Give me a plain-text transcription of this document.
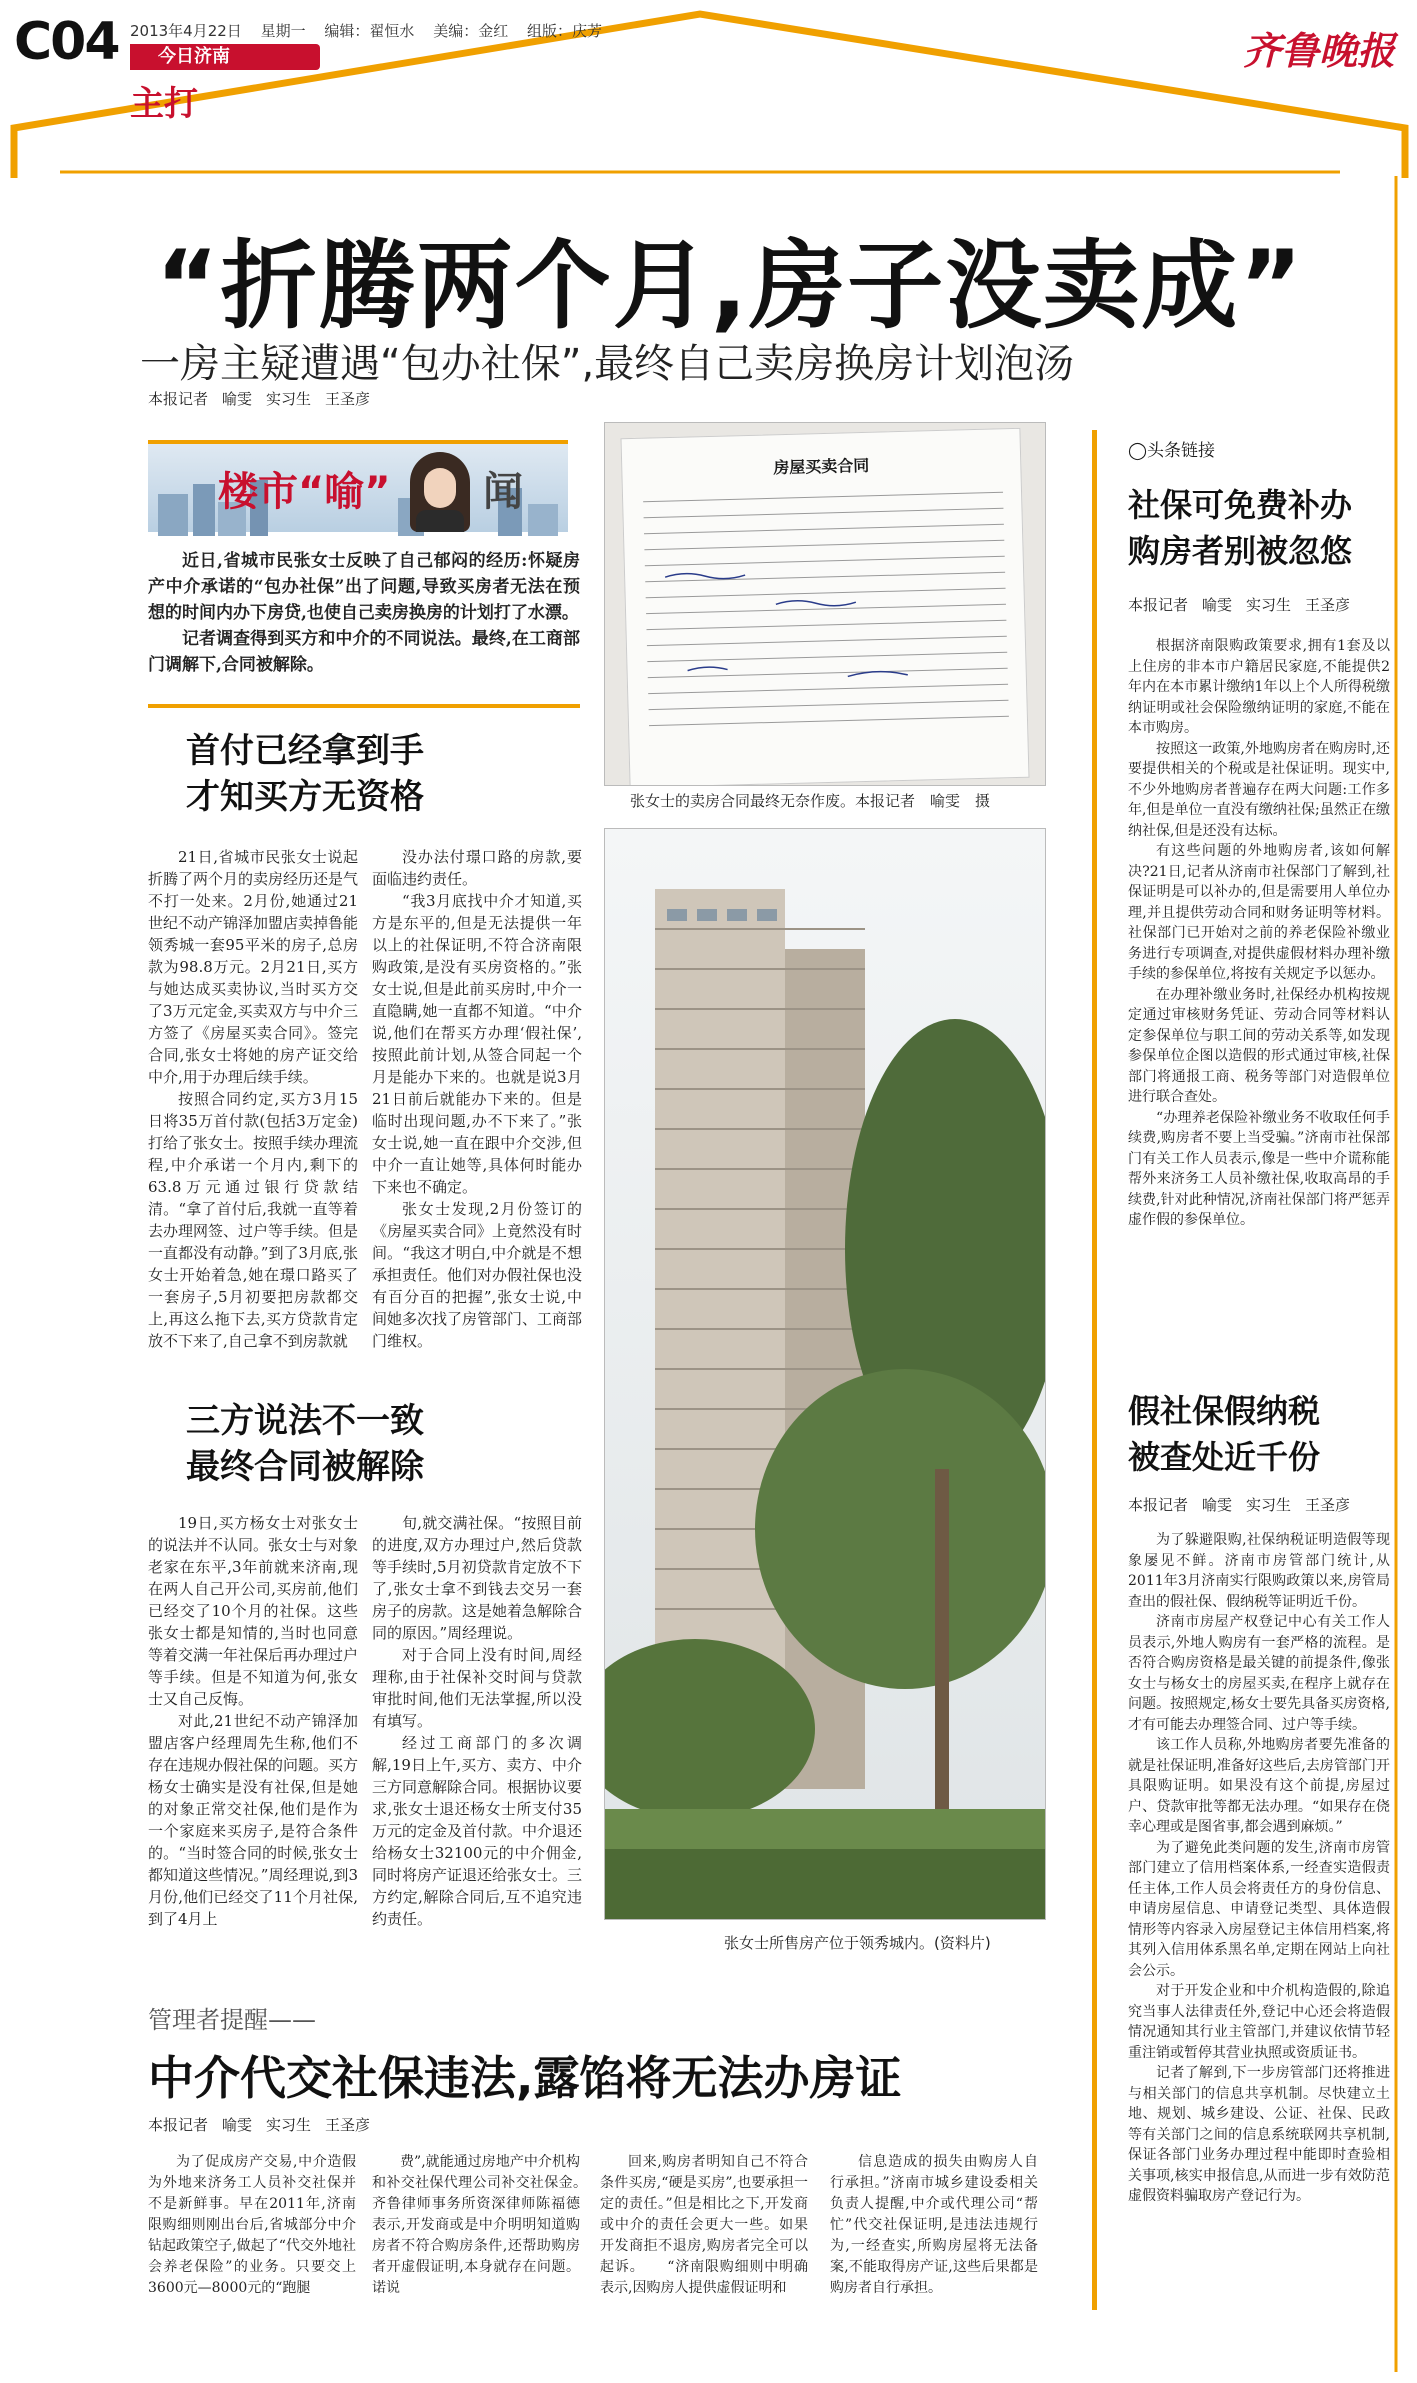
C04 2013年4月22日 星期一 编辑：翟恒水 美编：金红 组版：庆芳
今日济南
主打
齐鲁晚报
“折腾两个月,房子没卖成”
一房主疑遭遇“包办社保”,最终自己卖房换房计划泡汤
本报记者 喻雯 实习生 王圣彦
楼市“喻” 闻

近日,省城市民张女士反映了自己郁闷的经历:怀疑房产中介承诺的“包办社保”出了问题,导致买房者无法在预想的时间内办下房贷,也使自己卖房换房的计划打了水漂。

记者调查得到买方和中介的不同说法。最终,在工商部门调解下,合同被解除。

首付已经拿到手
才知买方无资格

21日,省城市民张女士说起折腾了两个月的卖房经历还是气不打一处来。2月份,她通过21世纪不动产锦泽加盟店卖掉鲁能领秀城一套95平米的房子,总房款为98.8万元。2月21日,买方与她达成买卖协议,当时买方交了3万元定金,买卖双方与中介三方签了《房屋买卖合同》。签完合同,张女士将她的房产证交给中介,用于办理后续手续。

按照合同约定,买方3月15日将35万首付款(包括3万定金)打给了张女士。按照手续办理流程,中介承诺一个月内,剩下的63.8万元通过银行贷款结清。“拿了首付后,我就一直等着去办理网签、过户等手续。但是一直都没有动静。”到了3月底,张女士开始着急,她在璟口路买了一套房子,5月初要把房款都交上,再这么拖下去,买方贷款肯定放不下来了,自己拿不到房款就

没办法付璟口路的房款,要面临违约责任。

“我3月底找中介才知道,买方是东平的,但是无法提供一年以上的社保证明,不符合济南限购政策,是没有买房资格的。”张女士说,但是此前买房时,中介一直隐瞒,她一直都不知道。“中介说,他们在帮买方办理‘假社保’,按照此前计划,从签合同起一个月是能办下来的。也就是说3月21日前后就能办下来的。但是临时出现问题,办不下来了。”张女士说,她一直在跟中介交涉,但中介一直让她等,具体何时能办下来也不确定。

张女士发现,2月份签订的《房屋买卖合同》上竟然没有时间。“我这才明白,中介就是不想承担责任。他们对办假社保也没有百分百的把握”,张女士说,中间她多次找了房管部门、工商部门维权。

三方说法不一致
最终合同被解除

19日,买方杨女士对张女士的说法并不认同。张女士与对象老家在东平,3年前就来济南,现在两人自己开公司,买房前,他们已经交了10个月的社保。这些张女士都是知情的,当时也同意等着交满一年社保后再办理过户等手续。但是不知道为何,张女士又自己反悔。

对此,21世纪不动产锦泽加盟店客户经理周先生称,他们不存在违规办假社保的问题。买方杨女士确实是没有社保,但是她的对象正常交社保,他们是作为一个家庭来买房子,是符合条件的。“当时签合同的时候,张女士都知道这些情况。”周经理说,到3月份,他们已经交了11个月社保,到了4月上

旬,就交满社保。“按照目前的进度,双方办理过户,然后贷款等手续时,5月初贷款肯定放不下了,张女士拿不到钱去交另一套房子的房款。这是她着急解除合同的原因。”周经理说。

对于合同上没有时间,周经理称,由于社保补交时间与贷款审批时间,他们无法掌握,所以没有填写。

经过工商部门的多次调解,19日上午,买方、卖方、中介三方同意解除合同。根据协议要求,张女士退还杨女士所支付35万元的定金及首付款。中介退还给杨女士32100元的中介佣金,同时将房产证退还给张女士。三方约定,解除合同后,互不追究违约责任。

房屋买卖合同
张女士的卖房合同最终无奈作废。本报记者　喻雯　摄
张女士所售房产位于领秀城内。(资料片)
◯头条链接
社保可免费补办
购房者别被忽悠
本报记者 喻雯 实习生 王圣彦

根据济南限购政策要求,拥有1套及以上住房的非本市户籍居民家庭,不能提供2年内在本市累计缴纳1年以上个人所得税缴纳证明或社会保险缴纳证明的家庭,不能在本市购房。

按照这一政策,外地购房者在购房时,还要提供相关的个税或是社保证明。现实中,不少外地购房者普遍存在两大问题:工作多年,但是单位一直没有缴纳社保;虽然正在缴纳社保,但是还没有达标。

有这些问题的外地购房者,该如何解决?21日,记者从济南市社保部门了解到,社保证明是可以补办的,但是需要用人单位办理,并且提供劳动合同和财务证明等材料。社保部门已开始对之前的养老保险补缴业务进行专项调查,对提供虚假材料办理补缴手续的参保单位,将按有关规定予以惩办。

在办理补缴业务时,社保经办机构按规定通过审核财务凭证、劳动合同等材料认定参保单位与职工间的劳动关系等,如发现参保单位企图以造假的形式通过审核,社保部门将通报工商、税务等部门对造假单位进行联合查处。

“办理养老保险补缴业务不收取任何手续费,购房者不要上当受骗。”济南市社保部门有关工作人员表示,像是一些中介谎称能帮外来济务工人员补缴社保,收取高昂的手续费,针对此种情况,济南社保部门将严惩弄虚作假的参保单位。

假社保假纳税
被查处近千份
本报记者 喻雯 实习生 王圣彦

为了躲避限购,社保纳税证明造假等现象屡见不鲜。济南市房管部门统计,从2011年3月济南实行限购政策以来,房管局查出的假社保、假纳税等证明近千份。

济南市房屋产权登记中心有关工作人员表示,外地人购房有一套严格的流程。是否符合购房资格是最关键的前提条件,像张女士与杨女士的房屋买卖,在程序上就存在问题。按照规定,杨女士要先具备买房资格,才有可能去办理签合同、过户等手续。

该工作人员称,外地购房者要先准备的就是社保证明,准备好这些后,去房管部门开具限购证明。如果没有这个前提,房屋过户、贷款审批等都无法办理。“如果存在侥幸心理或是图省事,都会遇到麻烦。”

为了避免此类问题的发生,济南市房管部门建立了信用档案体系,一经查实造假责任主体,工作人员会将责任方的身份信息、申请房屋信息、申请登记类型、具体造假情形等内容录入房屋登记主体信用档案,将其列入信用体系黑名单,定期在网站上向社会公示。

对于开发企业和中介机构造假的,除追究当事人法律责任外,登记中心还会将造假情况通知其行业主管部门,并建议依情节轻重注销或暂停其营业执照或资质证书。

记者了解到,下一步房管部门还将推进与相关部门的信息共享机制。尽快建立土地、规划、城乡建设、公证、社保、民政等有关部门之间的信息系统联网共享机制,保证各部门业务办理过程中能即时查验相关事项,核实申报信息,从而进一步有效防范虚假资料骗取房产登记行为。

管理者提醒——
中介代交社保违法,露馅将无法办房证
本报记者 喻雯 实习生 王圣彦

为了促成房产交易,中介造假为外地来济务工人员补交社保并不是新鲜事。早在2011年,济南限购细则刚出台后,省城部分中介钻起政策空子,做起了“代交外地社会养老保险”的业务。只要交上3600元—8000元的“跑腿

费”,就能通过房地产中介机构和补交社保代理公司补交社保金。　　齐鲁律师事务所资深律师陈福德表示,开发商或是中介明明知道购房者不符合购房条件,还帮助购房者开虚假证明,本身就存在问题。诺说

回来,购房者明知自己不符合条件买房,“硬是买房”,也要承担一定的责任。”但是相比之下,开发商或中介的责任会更大一些。如果开发商拒不退房,购房者完全可以起诉。　　“济南限购细则中明确表示,因购房人提供虚假证明和

信息造成的损失由购房人自行承担。”济南市城乡建设委相关负责人提醒,中介或代理公司“帮忙”代交社保证明,是违法违规行为,一经查实,所购房屋将无法备案,不能取得房产证,这些后果都是购房者自行承担。
